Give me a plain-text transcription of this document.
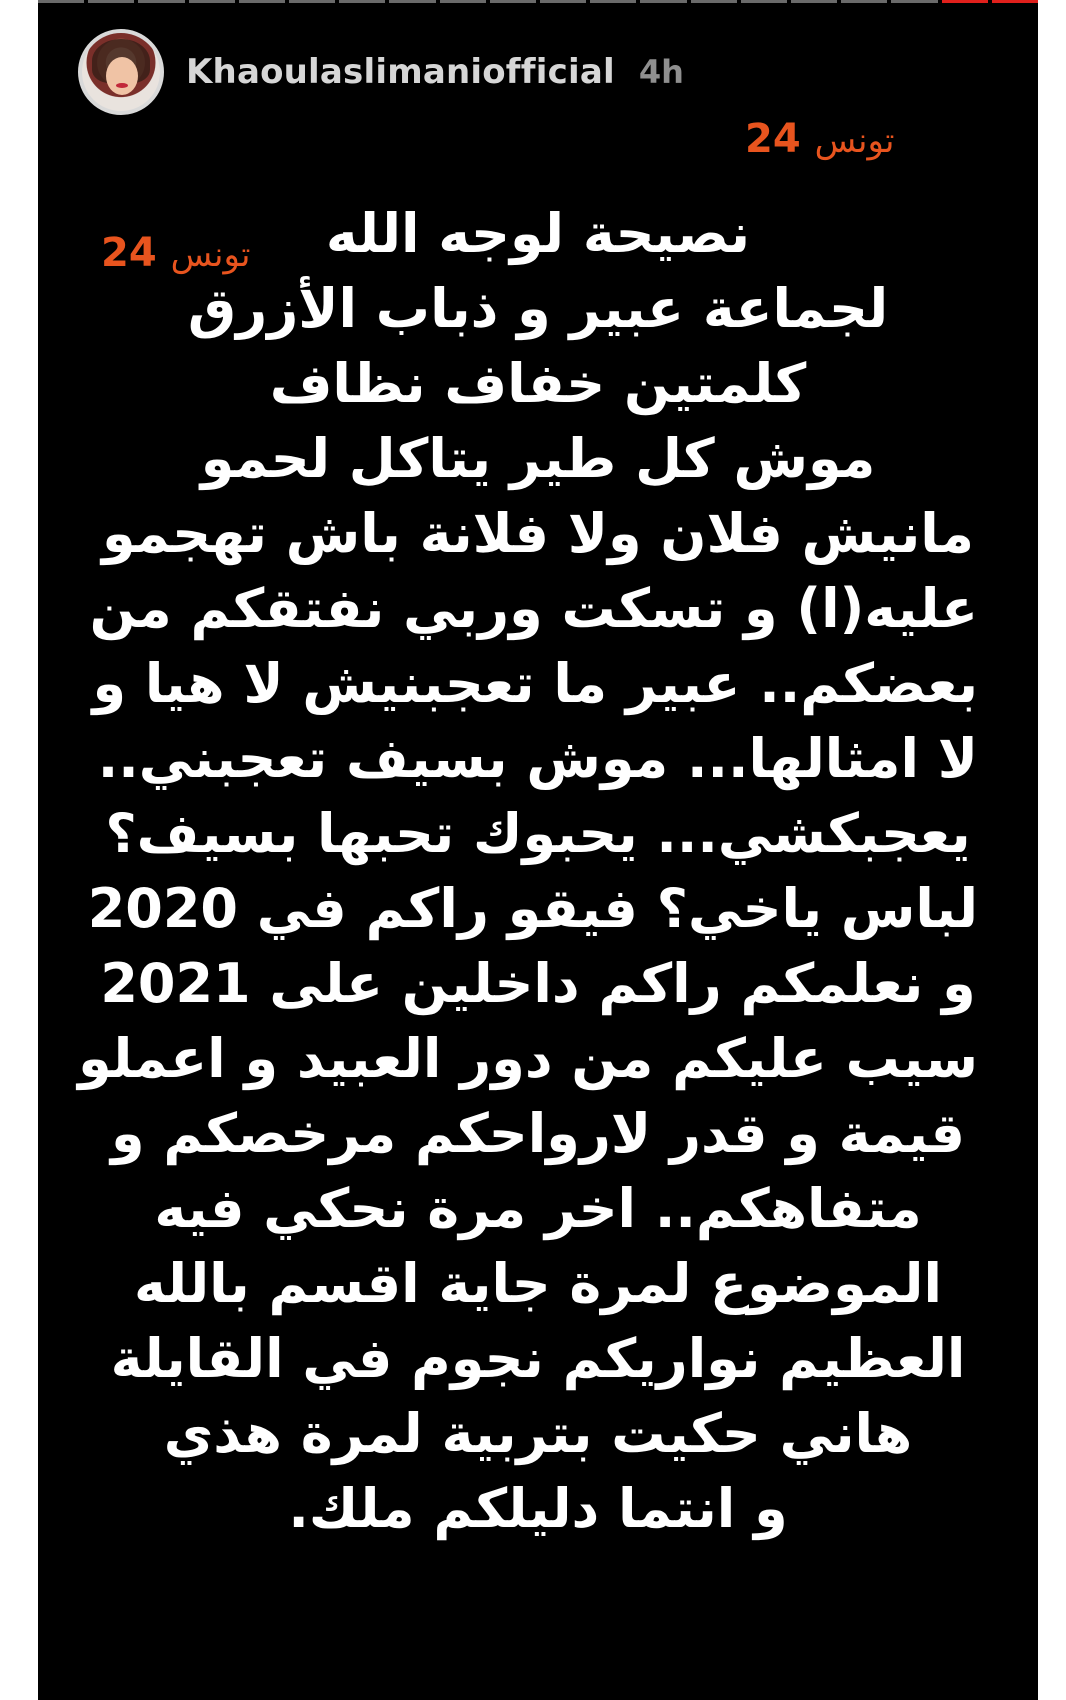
Khaoulaslimaniofficial 4h
24 تونس
24 تونس	نصيحة لوجه الله
لجماعة عبير و ذباب الأزرق
كلمتين خفاف نظاف
موش كل طير يتاكل لحمو
مانيش فلان ولا فلانة باش تهجمو
عليه(ا) و تسكت وربي نفتقكم من
بعضكم.. عبير ما تعجبنيش لا هيا و
لا امثالها... موش بسيف تعجبني..
يعجبكشي... يحبوك تحبها بسيف؟
لباس ياخي؟ فيقو راكم في 2020
و نعلمكم راكم داخلين على 2021
سيب عليكم من دور العبيد و اعملو
قيمة و قدر لارواحكم مرخصكم و
متفاهكم.. اخر مرة نحكي فيه
الموضوع لمرة جاية اقسم بالله
العظيم نواريكم نجوم في القايلة
هاني حكيت بتربية لمرة هذي
و انتما دليلكم ملك.
